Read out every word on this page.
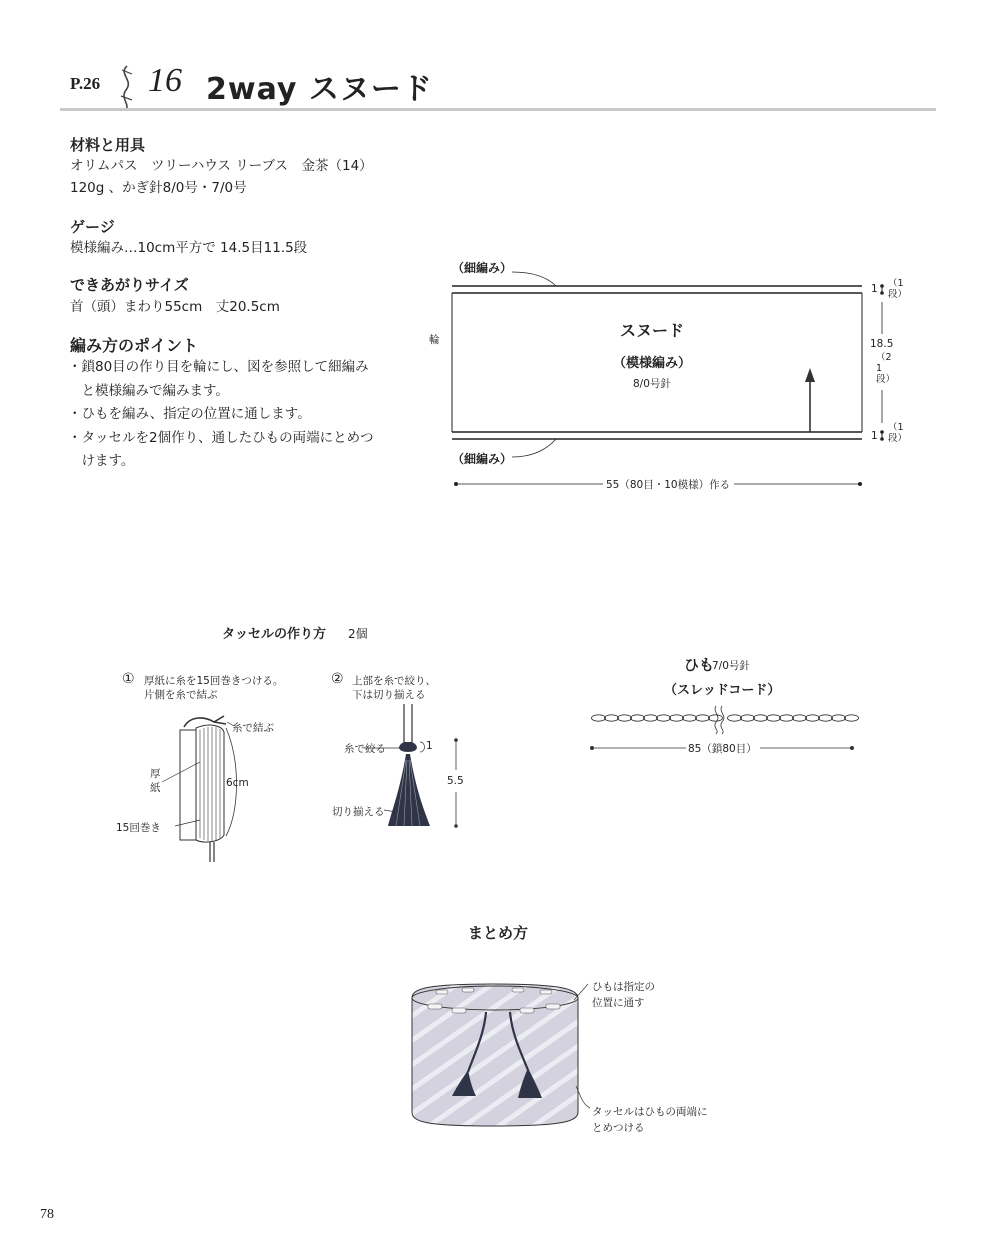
P.26 16 2way スヌード
材料と用具
オリムパス　ツリーハウス リーブス　金茶（14）
120g 、かぎ針8/0号・7/0号
ゲージ
模様編み…10cm平方で 14.5目11.5段
できあがりサイズ
首（頭）まわり55cm　丈20.5cm
編み方のポイント
・鎖80目の作り目を輪にし、図を参照して細編み
　と模様編みで編みます。
・ひもを編み、指定の位置に通します。
・タッセルを2個作り、通したひもの両端にとめつ
　けます。
（細編み）
（細編み）
輪	スヌード
（模様編み）
8/0号針
1 （1段）
18.5
（21段）
1
（1段）
55（80目・10模様）作る
タッセルの作り方 2個
① 厚紙に糸を15回巻きつける。
片側を糸で結ぶ
糸で結ぶ
厚
紙	6cm
15回巻き
② 上部を糸で絞り、
下は切り揃える
糸で絞る	1
5.5
切り揃える
ひも
7/0号針
（スレッドコード）
85（鎖80目）
まとめ方
ひもは指定の
位置に通す
タッセルはひもの両端に
とめつける
78
